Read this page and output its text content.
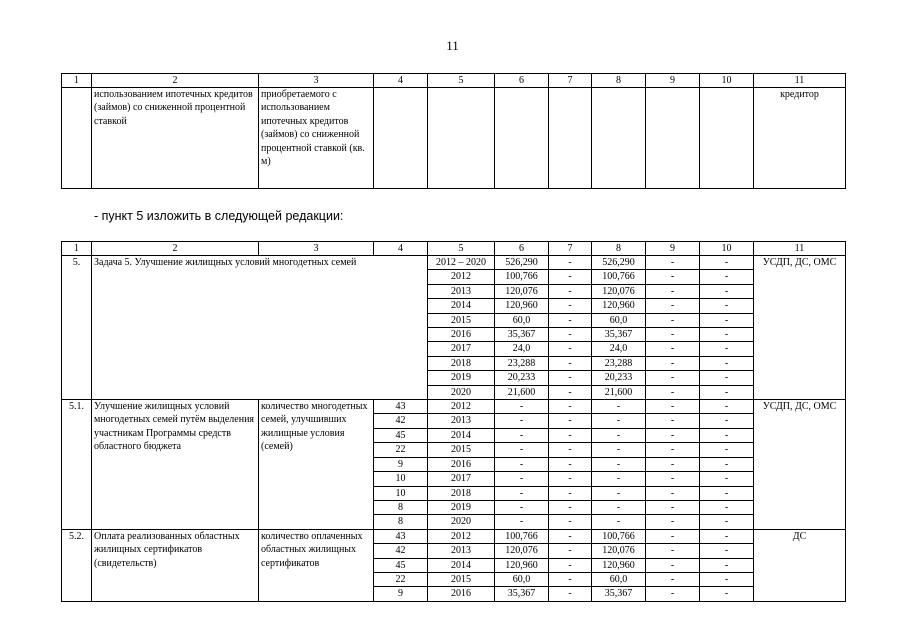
11
1	2	3	4	5	6	7	8	9	10	11
	использованием ипотечных кредитов (займов) со сниженной процентной ставкой	приобретаемого с использованием ипотечных кредитов (займов) со сниженной процентной ставкой (кв. м)								кредитор
- пункт 5 изложить в следующей редакции:
1	2	3	4	5	6	7	8	9	10	11
5.	Задача 5. Улучшение жилищных условий многодетных семей			2012 – 2020	526,290	-	526,290	-	-	УСДП, ДС, ОМС
				2012	100,766	-	100,766	-	-	
				2013	120,076	-	120,076	-	-	
				2014	120,960	-	120,960	-	-	
				2015	60,0	-	60,0	-	-	
				2016	35,367	-	35,367	-	-	
				2017	24,0	-	24,0	-	-	
				2018	23,288	-	23,288	-	-	
				2019	20,233	-	20,233	-	-	
				2020	21,600	-	21,600	-	-	
5.1.	Улучшение жилищных условий многодетных семей путём выделения участникам Программы средств областного бюджета	количество многодетных семей, улучшивших жилищные условия (семей)	43	2012	-	-	-	-	-	УСДП, ДС, ОМС
			42	2013	-	-	-	-	-	
			45	2014	-	-	-	-	-	
			22	2015	-	-	-	-	-	
			9	2016	-	-	-	-	-	
			10	2017	-	-	-	-	-	
			10	2018	-	-	-	-	-	
			8	2019	-	-	-	-	-	
			8	2020	-	-	-	-	-	
5.2.	Оплата реализованных областных жилищных сертификатов (свидетельств)	количество оплаченных областных жилищных сертификатов	43	2012	100,766	-	100,766	-	-	ДС
			42	2013	120,076	-	120,076	-	-	
			45	2014	120,960	-	120,960	-	-	
			22	2015	60,0	-	60,0	-	-	
			9	2016	35,367	-	35,367	-	-	
